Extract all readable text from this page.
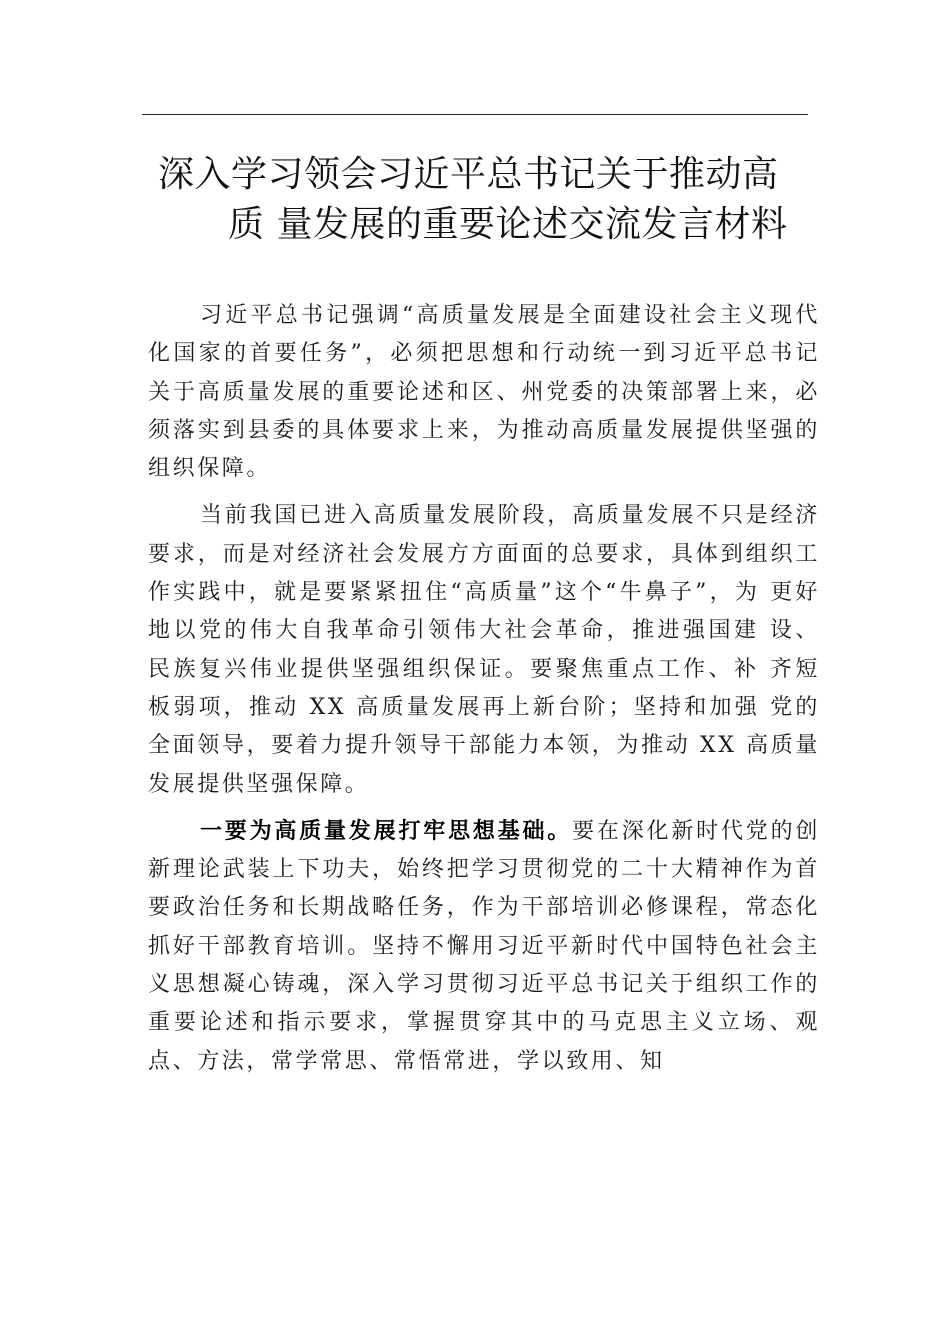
深入学习领会习近平总书记关于推动高
质 量发展的重要论述交流发言材料

习近平总书记强调“高质量发展是全面建设社会主义现代化国家的首要任务”，必须把思想和行动统一到习近平总书记关于高质量发展的重要论述和区、州党委的决策部署上来，必须落实到县委的具体要求上来，为推动高质量发展提供坚强的组织保障。

当前我国已进入高质量发展阶段，高质量发展不只是经济要求，而是对经济社会发展方方面面的总要求，具体到组织工作实践中，就是要紧紧扭住“高质量”这个“牛鼻子”，为 更好地以党的伟大自我革命引领伟大社会革命，推进强国建 设、民族复兴伟业提供坚强组织保证。要聚焦重点工作、补 齐短板弱项，推动 XX 高质量发展再上新台阶；坚持和加强 党的全面领导，要着力提升领导干部能力本领，为推动 XX 高质量发展提供坚强保障。

一要为高质量发展打牢思想基础。要在深化新时代党的创新理论武装上下功夫，始终把学习贯彻党的二十大精神作为首要政治任务和长期战略任务，作为干部培训必修课程，常态化抓好干部教育培训。坚持不懈用习近平新时代中国特色社会主义思想凝心铸魂，深入学习贯彻习近平总书记关于组织工作的重要论述和指示要求，掌握贯穿其中的马克思主义立场、观点、方法，常学常思、常悟常进，学以致用、知
